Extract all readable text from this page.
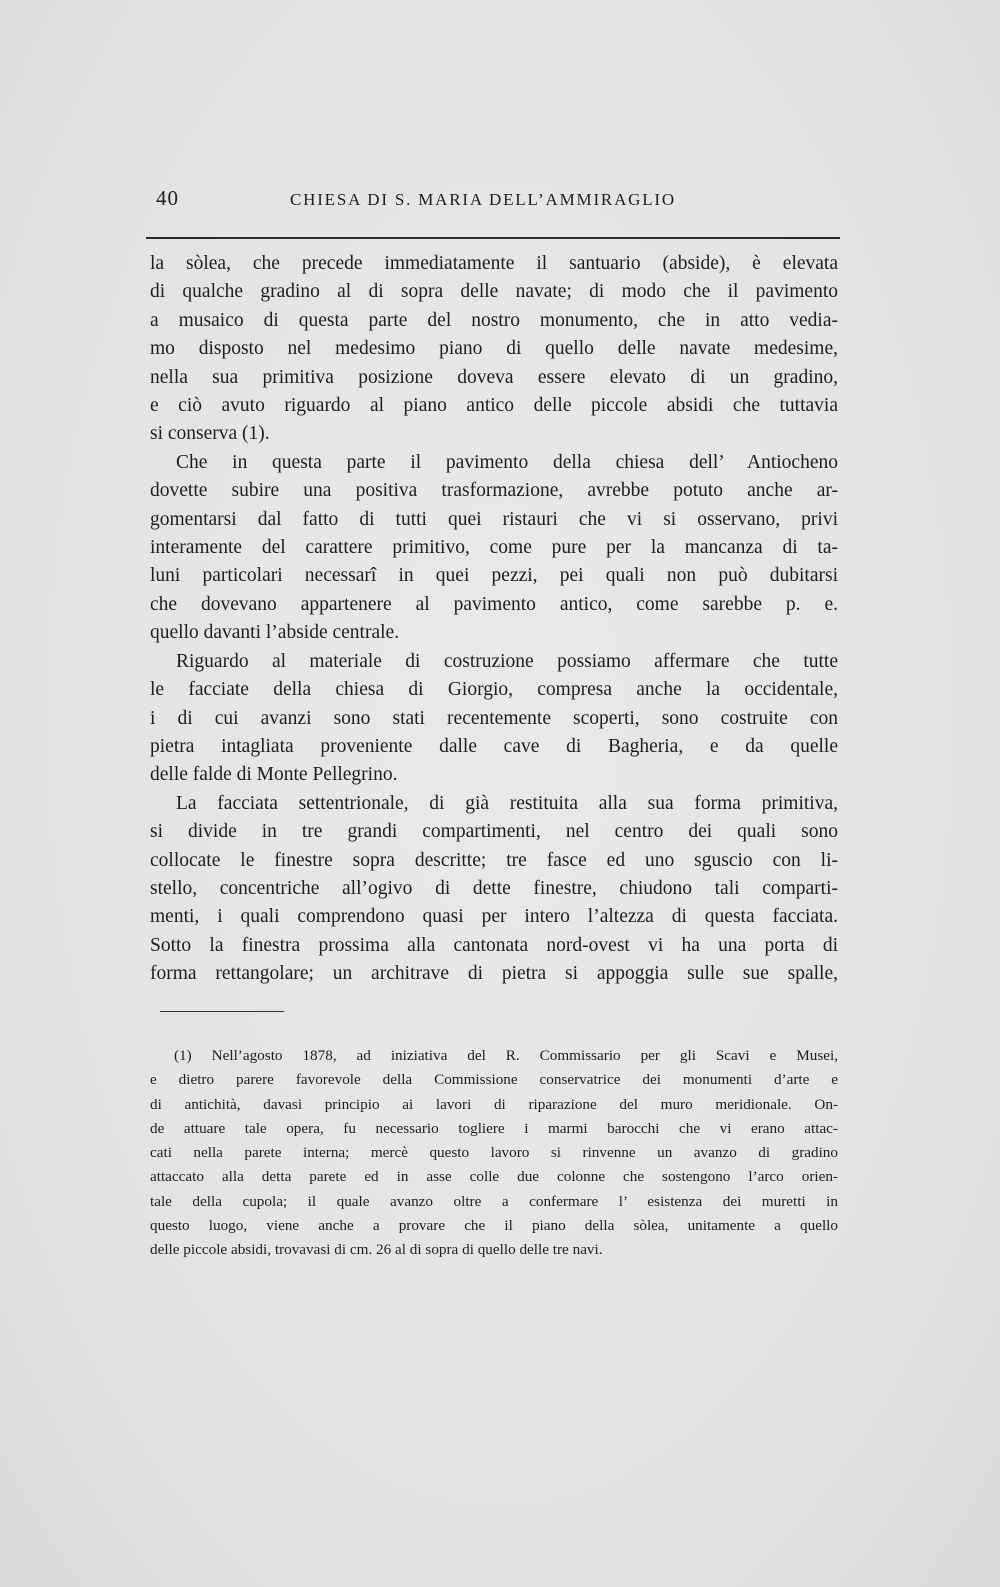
40	CHIESA DI S. MARIA DELL’AMMIRAGLIO
la sòlea, che precede immediatamente il santuario (abside), è elevata
di qualche gradino al di sopra delle navate; di modo che il pavimento
a musaico di questa parte del nostro monumento, che in atto vedia-
mo disposto nel medesimo piano di quello delle navate medesime,
nella sua primitiva posizione doveva essere elevato di un gradino,
e ciò avuto riguardo al piano antico delle piccole absidi che tuttavia
si conserva (1).
Che in questa parte il pavimento della chiesa dell’ Antiocheno
dovette subire una positiva trasformazione, avrebbe potuto anche ar-
gomentarsi dal fatto di tutti quei ristauri che vi si osservano, privi
interamente del carattere primitivo, come pure per la mancanza di ta-
luni particolari necessarî in quei pezzi, pei quali non può dubitarsi
che dovevano appartenere al pavimento antico, come sarebbe p. e.
quello davanti l’abside centrale.
Riguardo al materiale di costruzione possiamo affermare che tutte
le facciate della chiesa di Giorgio, compresa anche la occidentale,
i di cui avanzi sono stati recentemente scoperti, sono costruite con
pietra intagliata proveniente dalle cave di Bagheria, e da quelle
delle falde di Monte Pellegrino.
La facciata settentrionale, di già restituita alla sua forma primitiva,
si divide in tre grandi compartimenti, nel centro dei quali sono
collocate le finestre sopra descritte; tre fasce ed uno sguscio con li-
stello, concentriche all’ogivo di dette finestre, chiudono tali comparti-
menti, i quali comprendono quasi per intero l’altezza di questa facciata.
Sotto la finestra prossima alla cantonata nord-ovest vi ha una porta di
forma rettangolare; un architrave di pietra si appoggia sulle sue spalle,
(1) Nell’agosto 1878, ad iniziativa del R. Commissario per gli Scavi e Musei,
e dietro parere favorevole della Commissione conservatrice dei monumenti d’arte e
di antichità, davasi principio ai lavori di riparazione del muro meridionale. On-
de attuare tale opera, fu necessario togliere i marmi barocchi che vi erano attac-
cati nella parete interna; mercè questo lavoro si rinvenne un avanzo di gradino
attaccato alla detta parete ed in asse colle due colonne che sostengono l’arco orien-
tale della cupola; il quale avanzo oltre a confermare l’ esistenza dei muretti in
questo luogo, viene anche a provare che il piano della sòlea, unitamente a quello
delle piccole absidi, trovavasi di cm. 26 al di sopra di quello delle tre navi.
